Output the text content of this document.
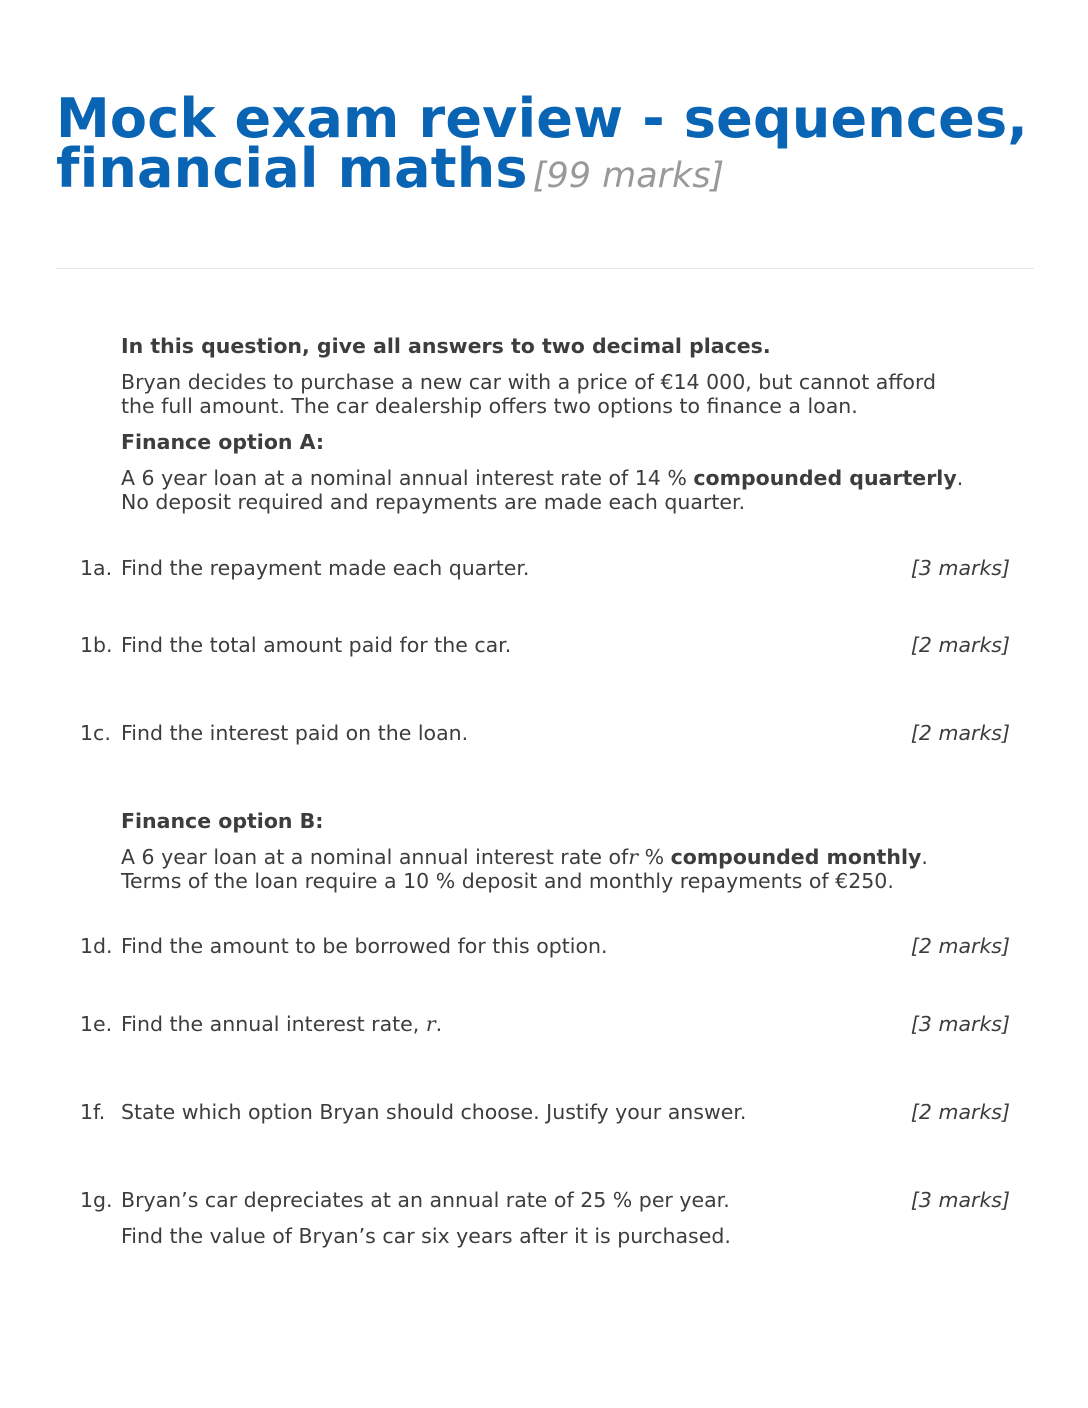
Mock exam review - sequences, financial maths [99 marks]
In this question, give all answers to two decimal places.
Bryan decides to purchase a new car with a price of €14 000, but cannot afford
the full amount. The car dealership offers two options to finance a loan.
Finance option A:
A 6 year loan at a nominal annual interest rate of 14 % compounded quarterly.
No deposit required and repayments are made each quarter.
1a. Find the repayment made each quarter.	[3 marks]
1b. Find the total amount paid for the car.	[2 marks]
1c. Find the interest paid on the loan.	[2 marks]
Finance option B:
A 6 year loan at a nominal annual interest rate ofr % compounded monthly.
Terms of the loan require a 10 % deposit and monthly repayments of €250.
1d. Find the amount to be borrowed for this option.	[2 marks]
1e. Find the annual interest rate, r.	[3 marks]
1f. State which option Bryan should choose. Justify your answer.	[2 marks]
1g. Bryan’s car depreciates at an annual rate of 25 % per year.	[3 marks]
Find the value of Bryan’s car six years after it is purchased.
